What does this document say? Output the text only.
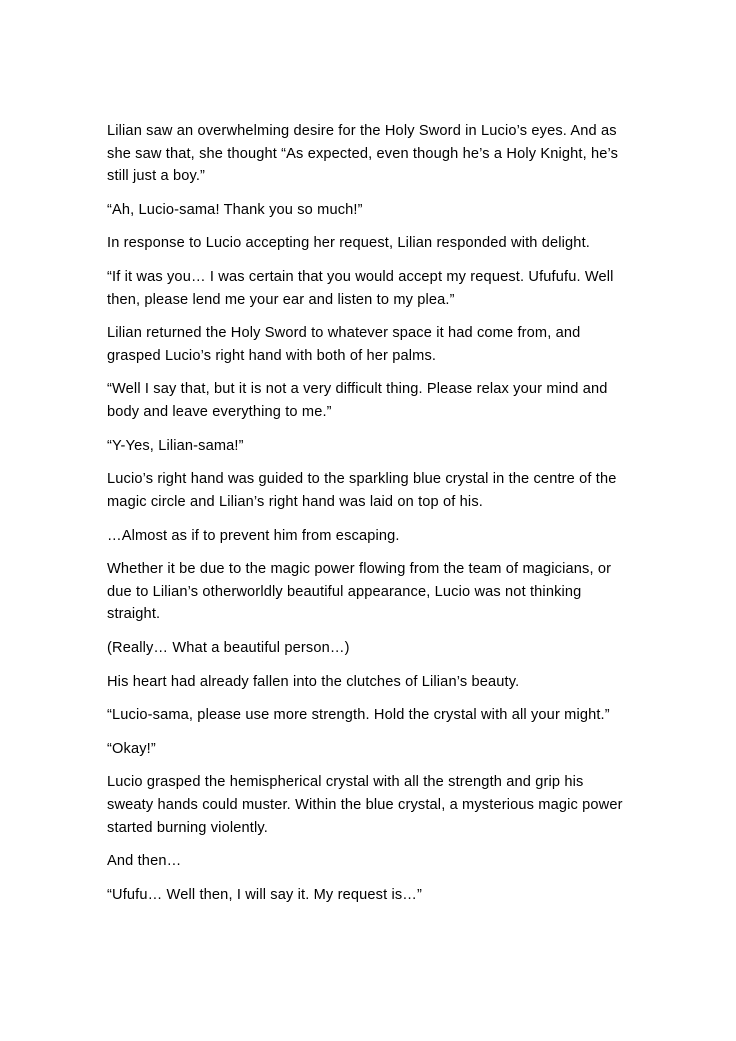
Lilian saw an overwhelming desire for the Holy Sword in Lucio’s eyes. And as she saw that, she thought “As expected, even though he’s a Holy Knight, he’s still just a boy.”

“Ah, Lucio-sama! Thank you so much!”

In response to Lucio accepting her request, Lilian responded with delight.

“If it was you… I was certain that you would accept my request. Ufufufu. Well then, please lend me your ear and listen to my plea.”

Lilian returned the Holy Sword to whatever space it had come from, and grasped Lucio’s right hand with both of her palms.

“Well I say that, but it is not a very difficult thing. Please relax your mind and body and leave everything to me.”

“Y-Yes, Lilian-sama!”

Lucio’s right hand was guided to the sparkling blue crystal in the centre of the magic circle and Lilian’s right hand was laid on top of his.

…Almost as if to prevent him from escaping.

Whether it be due to the magic power flowing from the team of magicians, or due to Lilian’s otherworldly beautiful appearance, Lucio was not thinking straight.

(Really… What a beautiful person…)

His heart had already fallen into the clutches of Lilian’s beauty.

“Lucio-sama, please use more strength. Hold the crystal with all your might.”

“Okay!”

Lucio grasped the hemispherical crystal with all the strength and grip his sweaty hands could muster. Within the blue crystal, a mysterious magic power started burning violently.

And then…

“Ufufu… Well then, I will say it. My request is…”
